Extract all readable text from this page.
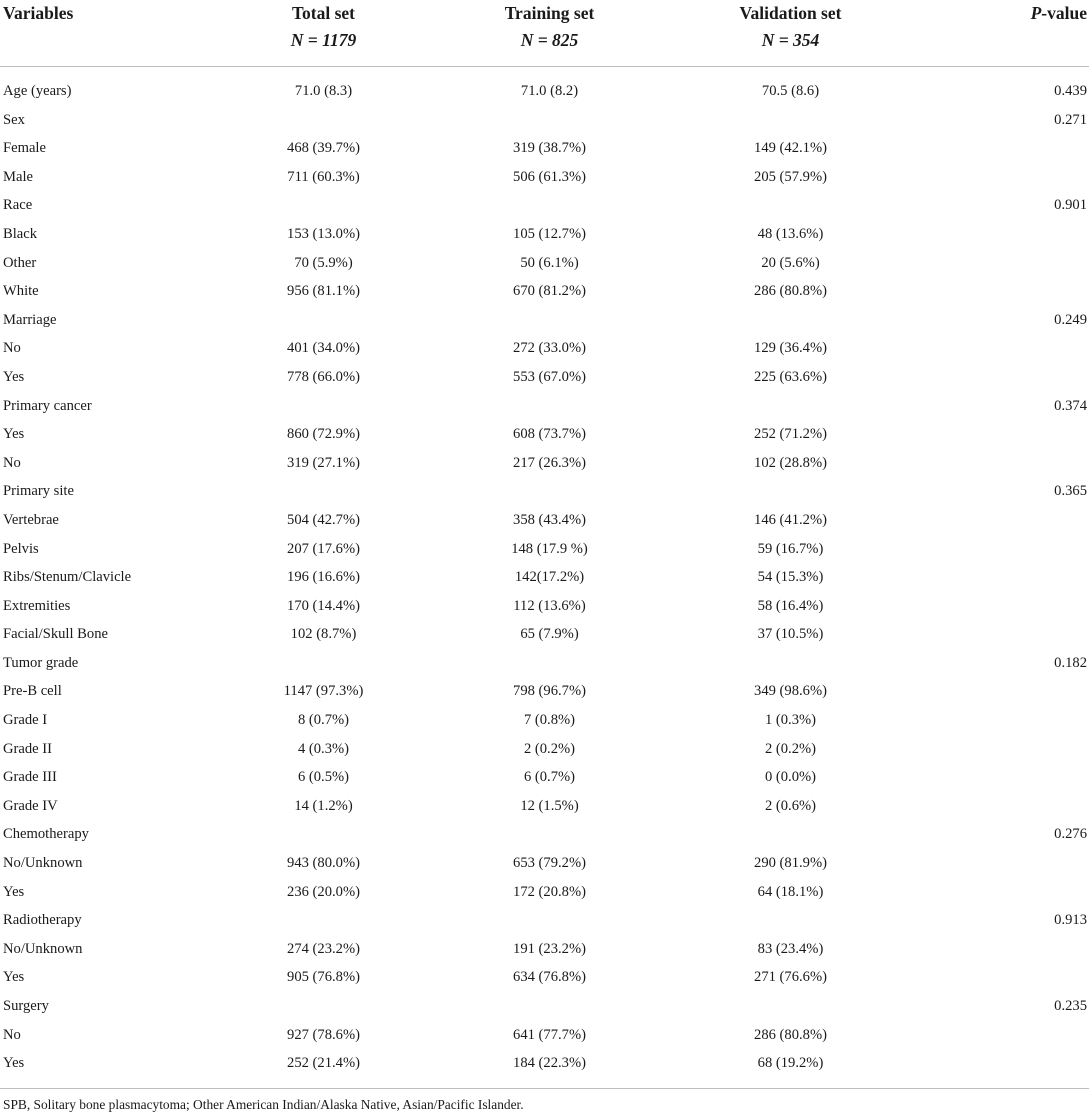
Variables	Total set	Training set	Validation set	P-value
	N = 1179	N = 825	N = 354	

Age (years)	71.0 (8.3)	71.0 (8.2)	70.5 (8.6)	0.439
Sex				0.271
Female	468 (39.7%)	319 (38.7%)	149 (42.1%)	
Male	711 (60.3%)	506 (61.3%)	205 (57.9%)	
Race				0.901
Black	153 (13.0%)	105 (12.7%)	48 (13.6%)	
Other	70 (5.9%)	50 (6.1%)	20 (5.6%)	
White	956 (81.1%)	670 (81.2%)	286 (80.8%)	
Marriage				0.249
No	401 (34.0%)	272 (33.0%)	129 (36.4%)	
Yes	778 (66.0%)	553 (67.0%)	225 (63.6%)	
Primary cancer				0.374
Yes	860 (72.9%)	608 (73.7%)	252 (71.2%)	
No	319 (27.1%)	217 (26.3%)	102 (28.8%)	
Primary site				0.365
Vertebrae	504 (42.7%)	358 (43.4%)	146 (41.2%)	
Pelvis	207 (17.6%)	148 (17.9 %)	59 (16.7%)	
Ribs/Stenum/Clavicle	196 (16.6%)	142(17.2%)	54 (15.3%)	
Extremities	170 (14.4%)	112 (13.6%)	58 (16.4%)	
Facial/Skull Bone	102 (8.7%)	65 (7.9%)	37 (10.5%)	
Tumor grade				0.182
Pre-B cell	1147 (97.3%)	798 (96.7%)	349 (98.6%)	
Grade I	8 (0.7%)	7 (0.8%)	1 (0.3%)	
Grade II	4 (0.3%)	2 (0.2%)	2 (0.2%)	
Grade III	6 (0.5%)	6 (0.7%)	0 (0.0%)	
Grade IV	14 (1.2%)	12 (1.5%)	2 (0.6%)	
Chemotherapy				0.276
No/Unknown	943 (80.0%)	653 (79.2%)	290 (81.9%)	
Yes	236 (20.0%)	172 (20.8%)	64 (18.1%)	
Radiotherapy				0.913
No/Unknown	274 (23.2%)	191 (23.2%)	83 (23.4%)	
Yes	905 (76.8%)	634 (76.8%)	271 (76.6%)	
Surgery				0.235
No	927 (78.6%)	641 (77.7%)	286 (80.8%)	
Yes	252 (21.4%)	184 (22.3%)	68 (19.2%)	
SPB, Solitary bone plasmacytoma; Other American Indian/Alaska Native, Asian/Pacific Islander.
